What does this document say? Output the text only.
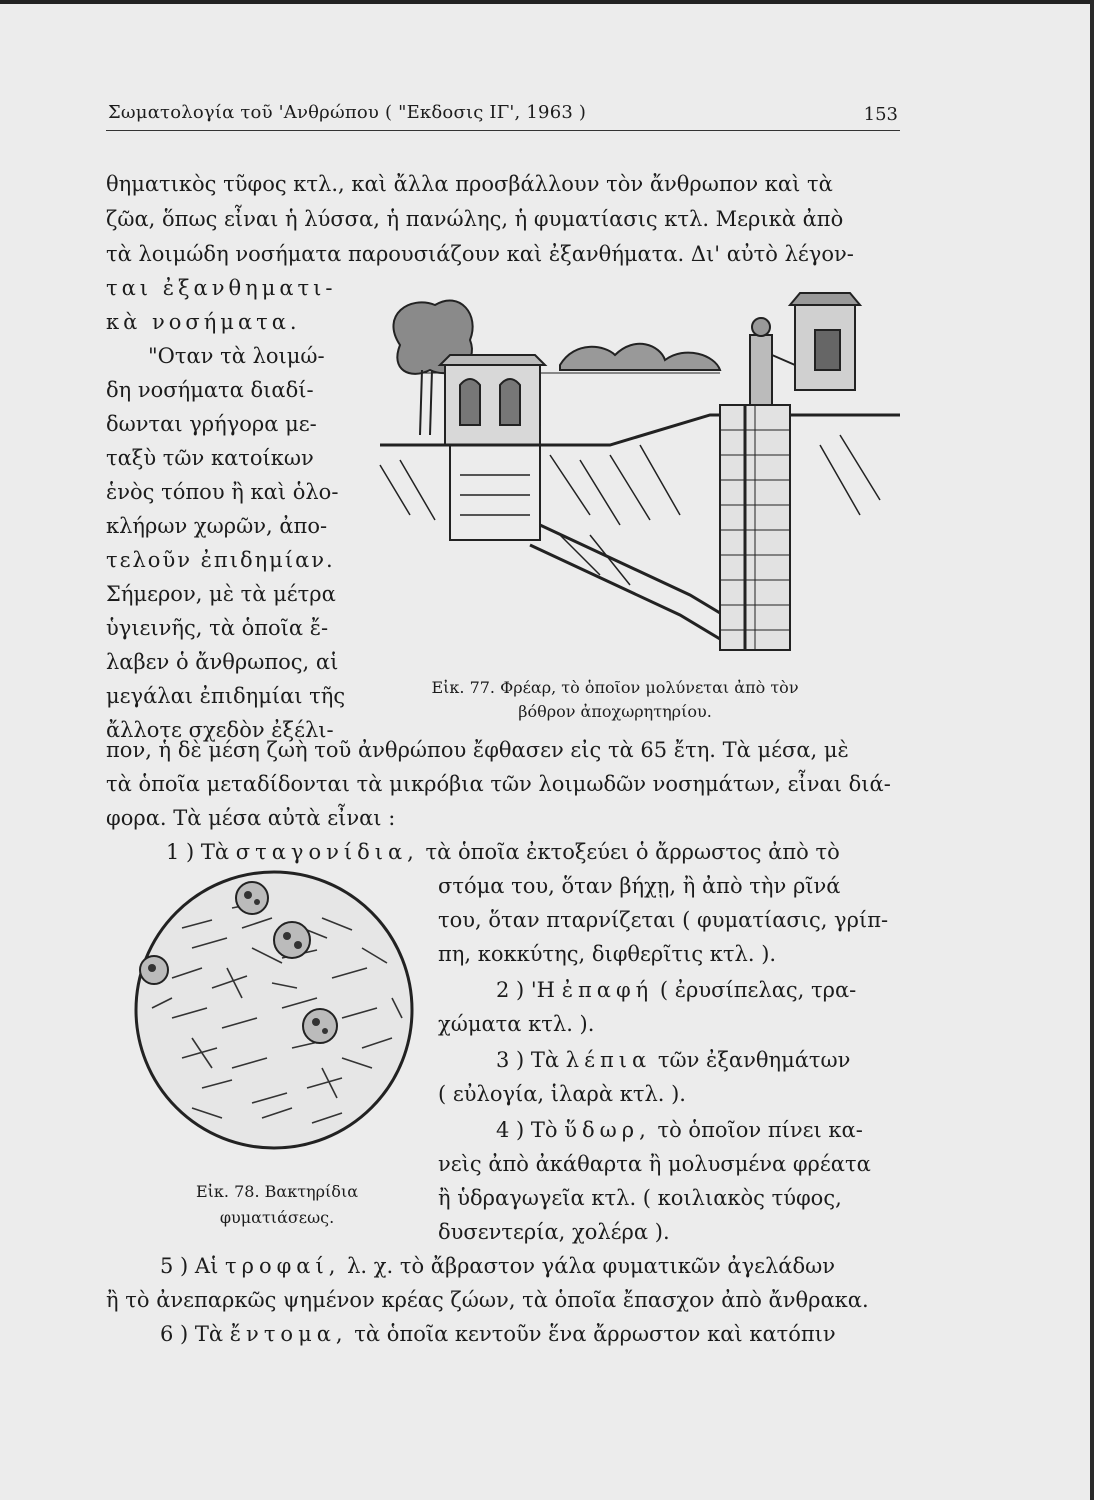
Σωματολογία τοῦ 'Ανθρώπου ( "Εκδοσις ΙΓ', 1963 )	153
θηματικὸς τῦφος κτλ., καὶ ἄλλα προσβάλλουν τὸν ἄνθρωπον καὶ τὰ
ζῶα, ὅπως εἶναι ἡ λύσσα, ἡ πανώλης, ἡ φυματίασις κτλ. Μερικὰ ἀπὸ
τὰ λοιμώδη νοσήματα παρουσιάζουν καὶ ἐξανθήματα. Δι' αὐτὸ λέγον-
ται ἐξανθηματι-
κὰ νοσήματα.
"Οταν τὰ λοιμώ-
δη νοσήματα διαδί-
δωνται γρήγορα με-
ταξὺ τῶν κατοίκων
ἑνὸς τόπου ἢ καὶ ὁλο-
κλήρων χωρῶν, ἀπο-
τελοῦν ἐπιδημίαν.
Σήμερον, μὲ τὰ μέτρα
ὑγιεινῆς, τὰ ὁποῖα ἔ-
λαβεν ὁ ἄνθρωπος, αἱ
μεγάλαι ἐπιδημίαι τῆς
ἄλλοτε σχεδὸν ἐξέλι-
Εἰκ. 77. Φρέαρ, τὸ ὁποῖον μολύνεται ἀπὸ τὸν
βόθρον ἀποχωρητηρίου.
πον, ἡ δὲ μέση ζωὴ τοῦ ἀνθρώπου ἔφθασεν εἰς τὰ 65 ἔτη. Τὰ μέσα, μὲ
τὰ ὁποῖα μεταδίδονται τὰ μικρόβια τῶν λοιμωδῶν νοσημάτων, εἶναι διά-
φορα. Τὰ μέσα αὐτὰ εἶναι :
1 ) Τὰ σταγονίδια, τὰ ὁποῖα ἐκτοξεύει ὁ ἄρρωστος ἀπὸ τὸ
Εἰκ. 78. Βακτηρίδια
φυματιάσεως.
στόμα του, ὅταν βήχῃ, ἢ ἀπὸ τὴν ρῖνά
του, ὅταν πταρνίζεται ( φυματίασις, γρίπ-
πη, κοκκύτης, διφθερῖτις κτλ. ).
2 ) 'Η ἐπαφή ( ἐρυσίπελας, τρα-
χώματα κτλ. ).
3 ) Τὰ λέπια τῶν ἐξανθημάτων
( εὐλογία, ἱλαρὰ κτλ. ).
4 ) Τὸ ὕδωρ, τὸ ὁποῖον πίνει κα-
νεὶς ἀπὸ ἀκάθαρτα ἢ μολυσμένα φρέατα
ἢ ὑδραγωγεῖα κτλ. ( κοιλιακὸς τύφος,
δυσεντερία, χολέρα ).
5 ) Αἱ τροφαί, λ. χ. τὸ ἄβραστον γάλα φυματικῶν ἀγελάδων
ἢ τὸ ἀνεπαρκῶς ψημένον κρέας ζώων, τὰ ὁποῖα ἔπασχον ἀπὸ ἄνθρακα.
6 ) Τὰ ἔντομα, τὰ ὁποῖα κεντοῦν ἕνα ἄρρωστον καὶ κατόπιν
